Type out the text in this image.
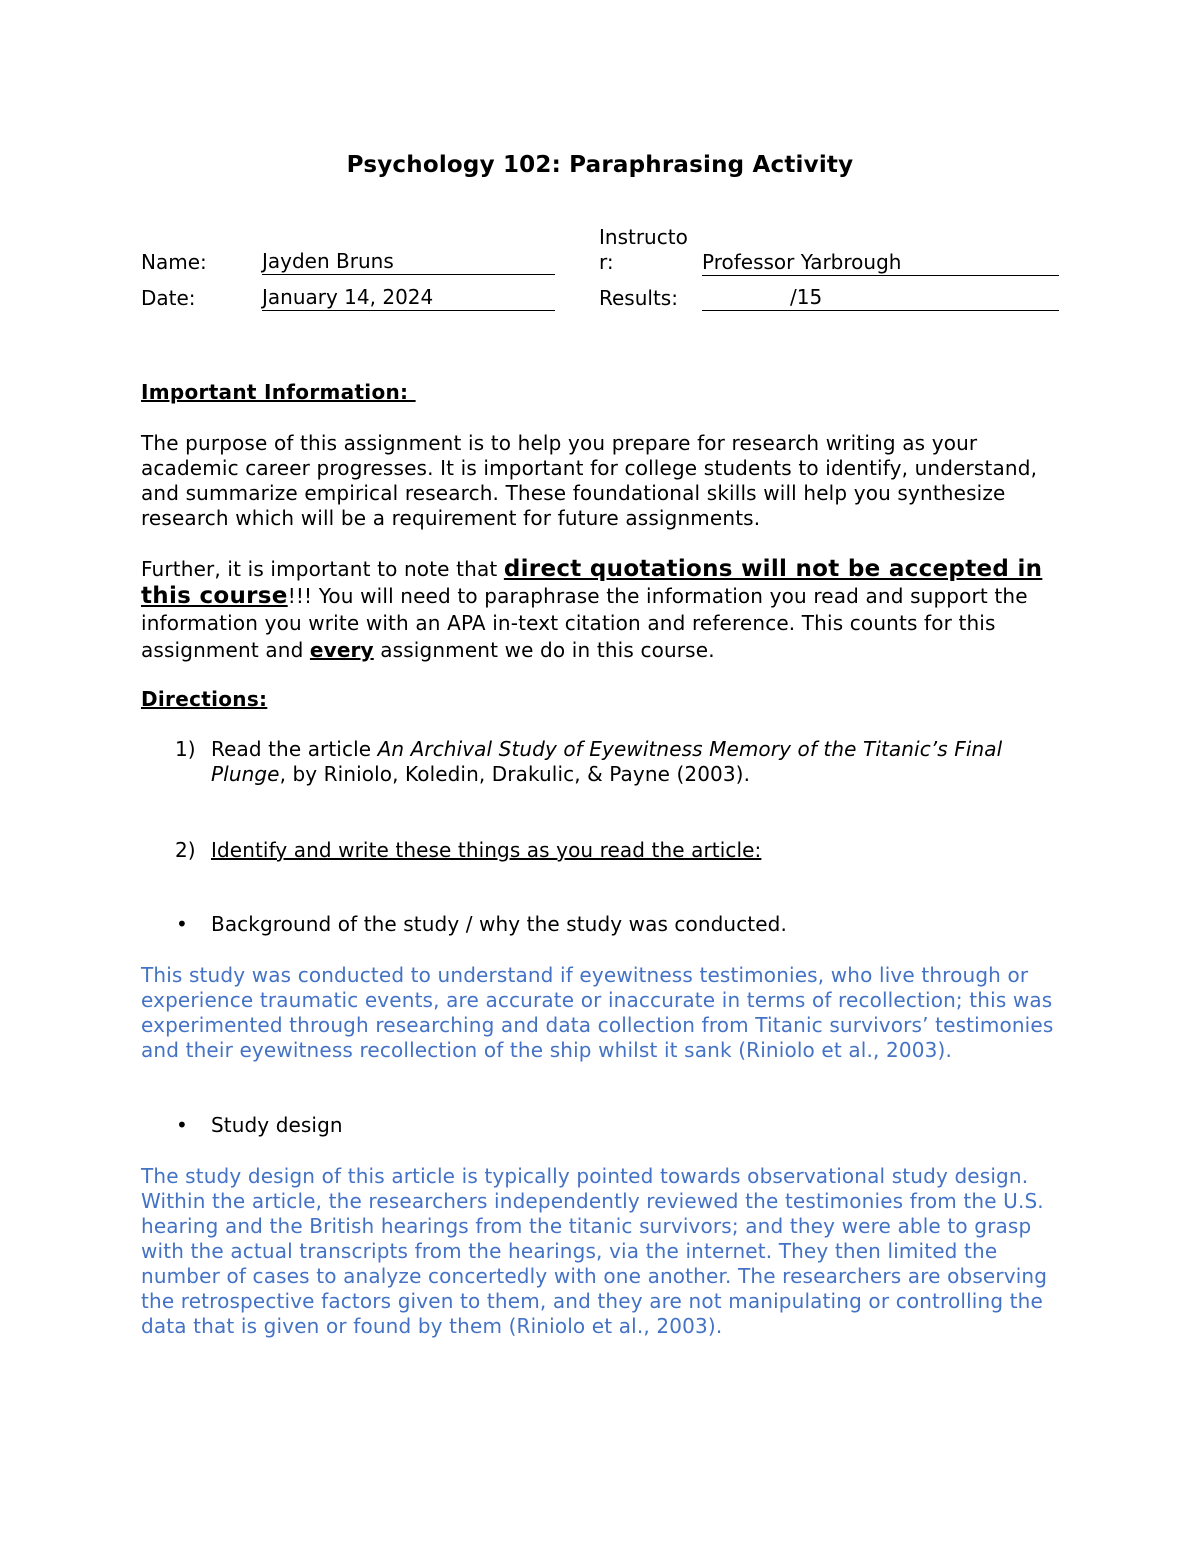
Psychology 102: Paraphrasing Activity
Name:	Jayden Bruns
Date:	January 14, 2024
Instructo
r:	Professor Yarbrough
Results:	/15
Important Information:
The purpose of this assignment is to help you prepare for research writing as your academic career progresses. It is important for college students to identify, understand, and summarize empirical research. These foundational skills will help you synthesize research which will be a requirement for future assignments.
Further, it is important to note that direct quotations will not be accepted in this course!!! You will need to paraphrase the information you read and support the information you write with an APA in-text citation and reference. This counts for this assignment and every assignment we do in this course.
Directions:
1) Read the article An Archival Study of Eyewitness Memory of the Titanic’s Final Plunge, by Riniolo, Koledin, Drakulic, & Payne (2003).
2) Identify and write these things as you read the article:
• Background of the study / why the study was conducted.
This study was conducted to understand if eyewitness testimonies, who live through or experience traumatic events, are accurate or inaccurate in terms of recollection; this was experimented through researching and data collection from Titanic survivors’ testimonies and their eyewitness recollection of the ship whilst it sank (Riniolo et al., 2003).
• Study design
The study design of this article is typically pointed towards observational study design. Within the article, the researchers independently reviewed the testimonies from the U.S. hearing and the British hearings from the titanic survivors; and they were able to grasp with the actual transcripts from the hearings, via the internet. They then limited the number of cases to analyze concertedly with one another. The researchers are observing the retrospective factors given to them, and they are not manipulating or controlling the data that is given or found by them (Riniolo et al., 2003).
